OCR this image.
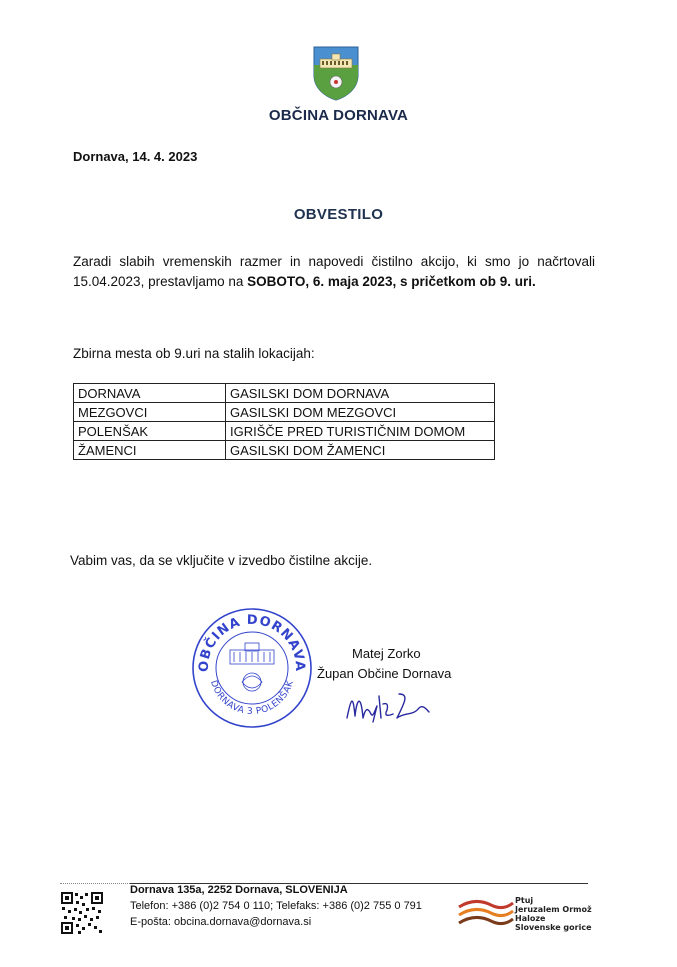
OBČINA DORNAVA
Dornava, 14. 4. 2023
OBVESTILO
Zaradi slabih vremenskih razmer in napovedi čistilno akcijo, ki smo jo načrtovali 15.04.2023, prestavljamo na SOBOTO, 6. maja 2023, s pričetkom ob 9. uri.
Zbirna mesta ob 9.uri na stalih lokacijah:
DORNAVA	GASILSKI DOM DORNAVA
MEZGOVCI	GASILSKI DOM MEZGOVCI
POLENŠAK	IGRIŠČE PRED TURISTIČNIM DOMOM
ŽAMENCI	GASILSKI DOM ŽAMENCI
Vabim vas, da se vključite v izvedbo čistilne akcije.
OBČINA DORNAVA
DORNAVA 3 POLENŠAK
Matej Zorko
Župan Občine Dornava
Dornava 135a, 2252 Dornava, SLOVENIJA
Telefon: +386 (0)2 754 0 110; Telefaks: +386 (0)2 755 0 791
E-pošta: obcina.dornava@dornava.si
Ptuj
Jeruzalem Ormož
Haloze
Slovenske gorice
